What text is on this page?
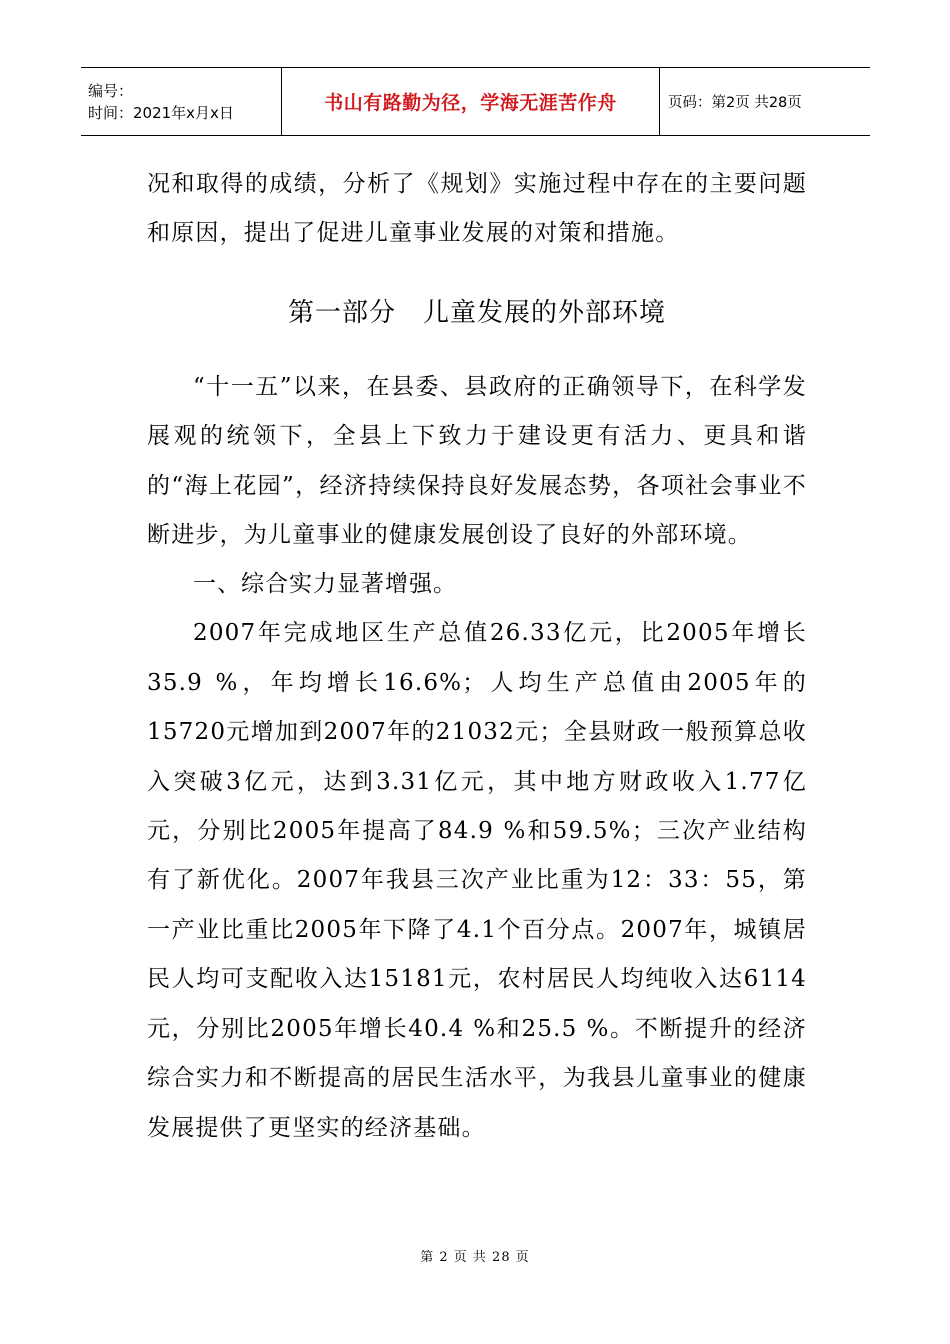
编号：
时间：2021年x月x日	书山有路勤为径，学海无涯苦作舟	页码：第2页 共28页

况和取得的成绩，分析了《规划》实施过程中存在的主要问题和原因，提出了促进儿童事业发展的对策和措施。

第一部分　儿童发展的外部环境

“十一五”以来，在县委、县政府的正确领导下，在科学发展观的统领下，全县上下致力于建设更有活力、更具和谐的“海上花园”，经济持续保持良好发展态势，各项社会事业不断进步，为儿童事业的健康发展创设了良好的外部环境。

一、综合实力显著增强。

2007年完成地区生产总值26.33亿元，比2005年增长35.9 %，年均增长16.6%；人均生产总值由2005年的15720元增加到2007年的21032元；全县财政一般预算总收入突破3亿元，达到3.31亿元，其中地方财政收入1.77亿元，分别比2005年提高了84.9 %和59.5%；三次产业结构有了新优化。2007年我县三次产业比重为12：33：55，第一产业比重比2005年下降了4.1个百分点。2007年，城镇居民人均可支配收入达15181元，农村居民人均纯收入达6114元，分别比2005年增长40.4 %和25.5 %。不断提升的经济综合实力和不断提高的居民生活水平，为我县儿童事业的健康发展提供了更坚实的经济基础。

第 2 页 共 28 页
